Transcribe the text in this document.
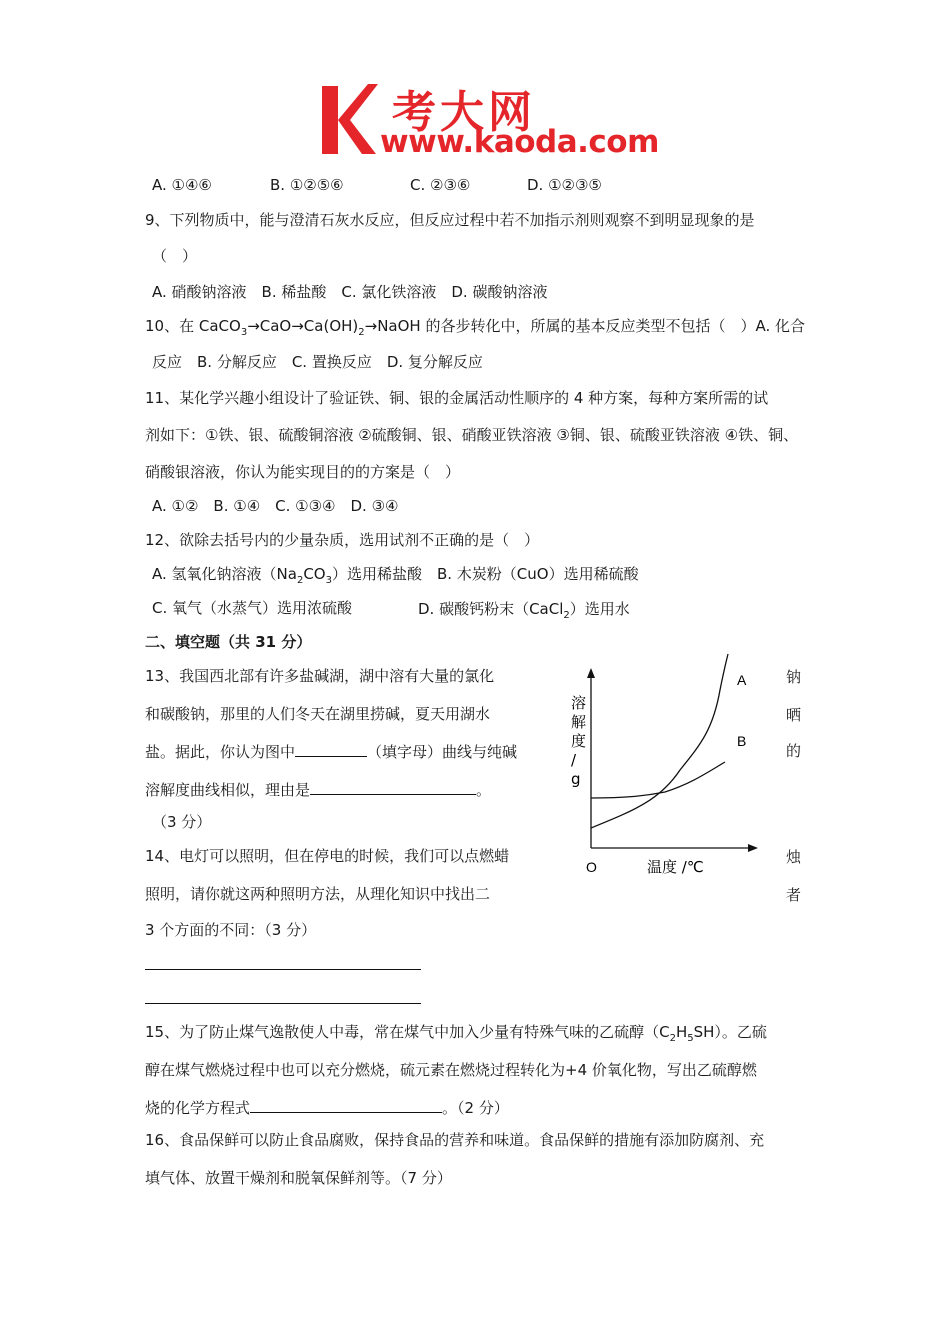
考大网
www.kaoda.com
A. ①④⑥	B. ①②⑤⑥	C. ②③⑥	D. ①②③⑤
9、下列物质中，能与澄清石灰水反应，但反应过程中若不加指示剂则观察不到明显现象的是
（　）
A. 硝酸钠溶液　B. 稀盐酸　C. 氯化铁溶液　D. 碳酸钠溶液
10、在 $CaCO_3\to CaO\to Ca(OH)_2\to NaOH$ 的各步转化中，所属的基本反应类型不包括（　）A. 化合
反应　B. 分解反应　C. 置换反应　D. 复分解反应
11、某化学兴趣小组设计了验证铁、铜、银的金属活动性顺序的 4 种方案，每种方案所需的试
剂如下：①铁、银、硫酸铜溶液 ②硫酸铜、银、硝酸亚铁溶液 ③铜、银、硫酸亚铁溶液 ④铁、铜、
硝酸银溶液，你认为能实现目的的方案是（　）
A. ①②　B. ①④　C. ①③④　D. ③④
12、欲除去括号内的少量杂质，选用试剂不正确的是（　）
A. 氢氧化钠溶液$(Na_2CO_3)$选用稀盐酸　B. 木炭粉（CuO）选用稀硫酸
C. 氧气（水蒸气）选用浓硫酸	D. 碳酸钙粉末（CaCl$_2$）选用水
二、填空题（共 31 分）
13、我国西北部有许多盐碱湖，湖中溶有大量的氯化	钠
和碳酸钠，那里的人们冬天在湖里捞碱，夏天用湖水	晒
盐。据此，你认为图中	（填字母）曲线与纯碱	的
溶解度曲线相似，理由是	。
（3 分）
A
B
O	温度 /℃
溶
解
度
/
g
14、电灯可以照明，但在停电的时候，我们可以点燃蜡	烛
照明，请你就这两种照明方法，从理化知识中找出二	者
3 个方面的不同：（3 分）
15、为了防止煤气逸散使人中毒，常在煤气中加入少量有特殊气味的乙硫醇$(C_2H_5SH)$。乙硫
醇在煤气燃烧过程中也可以充分燃烧，硫元素在燃烧过程转化为+4 价氧化物，写出乙硫醇燃
烧的化学方程式	。（2 分）
16、食品保鲜可以防止食品腐败，保持食品的营养和味道。食品保鲜的措施有添加防腐剂、充
填气体、放置干燥剂和脱氧保鲜剂等。（7 分）
